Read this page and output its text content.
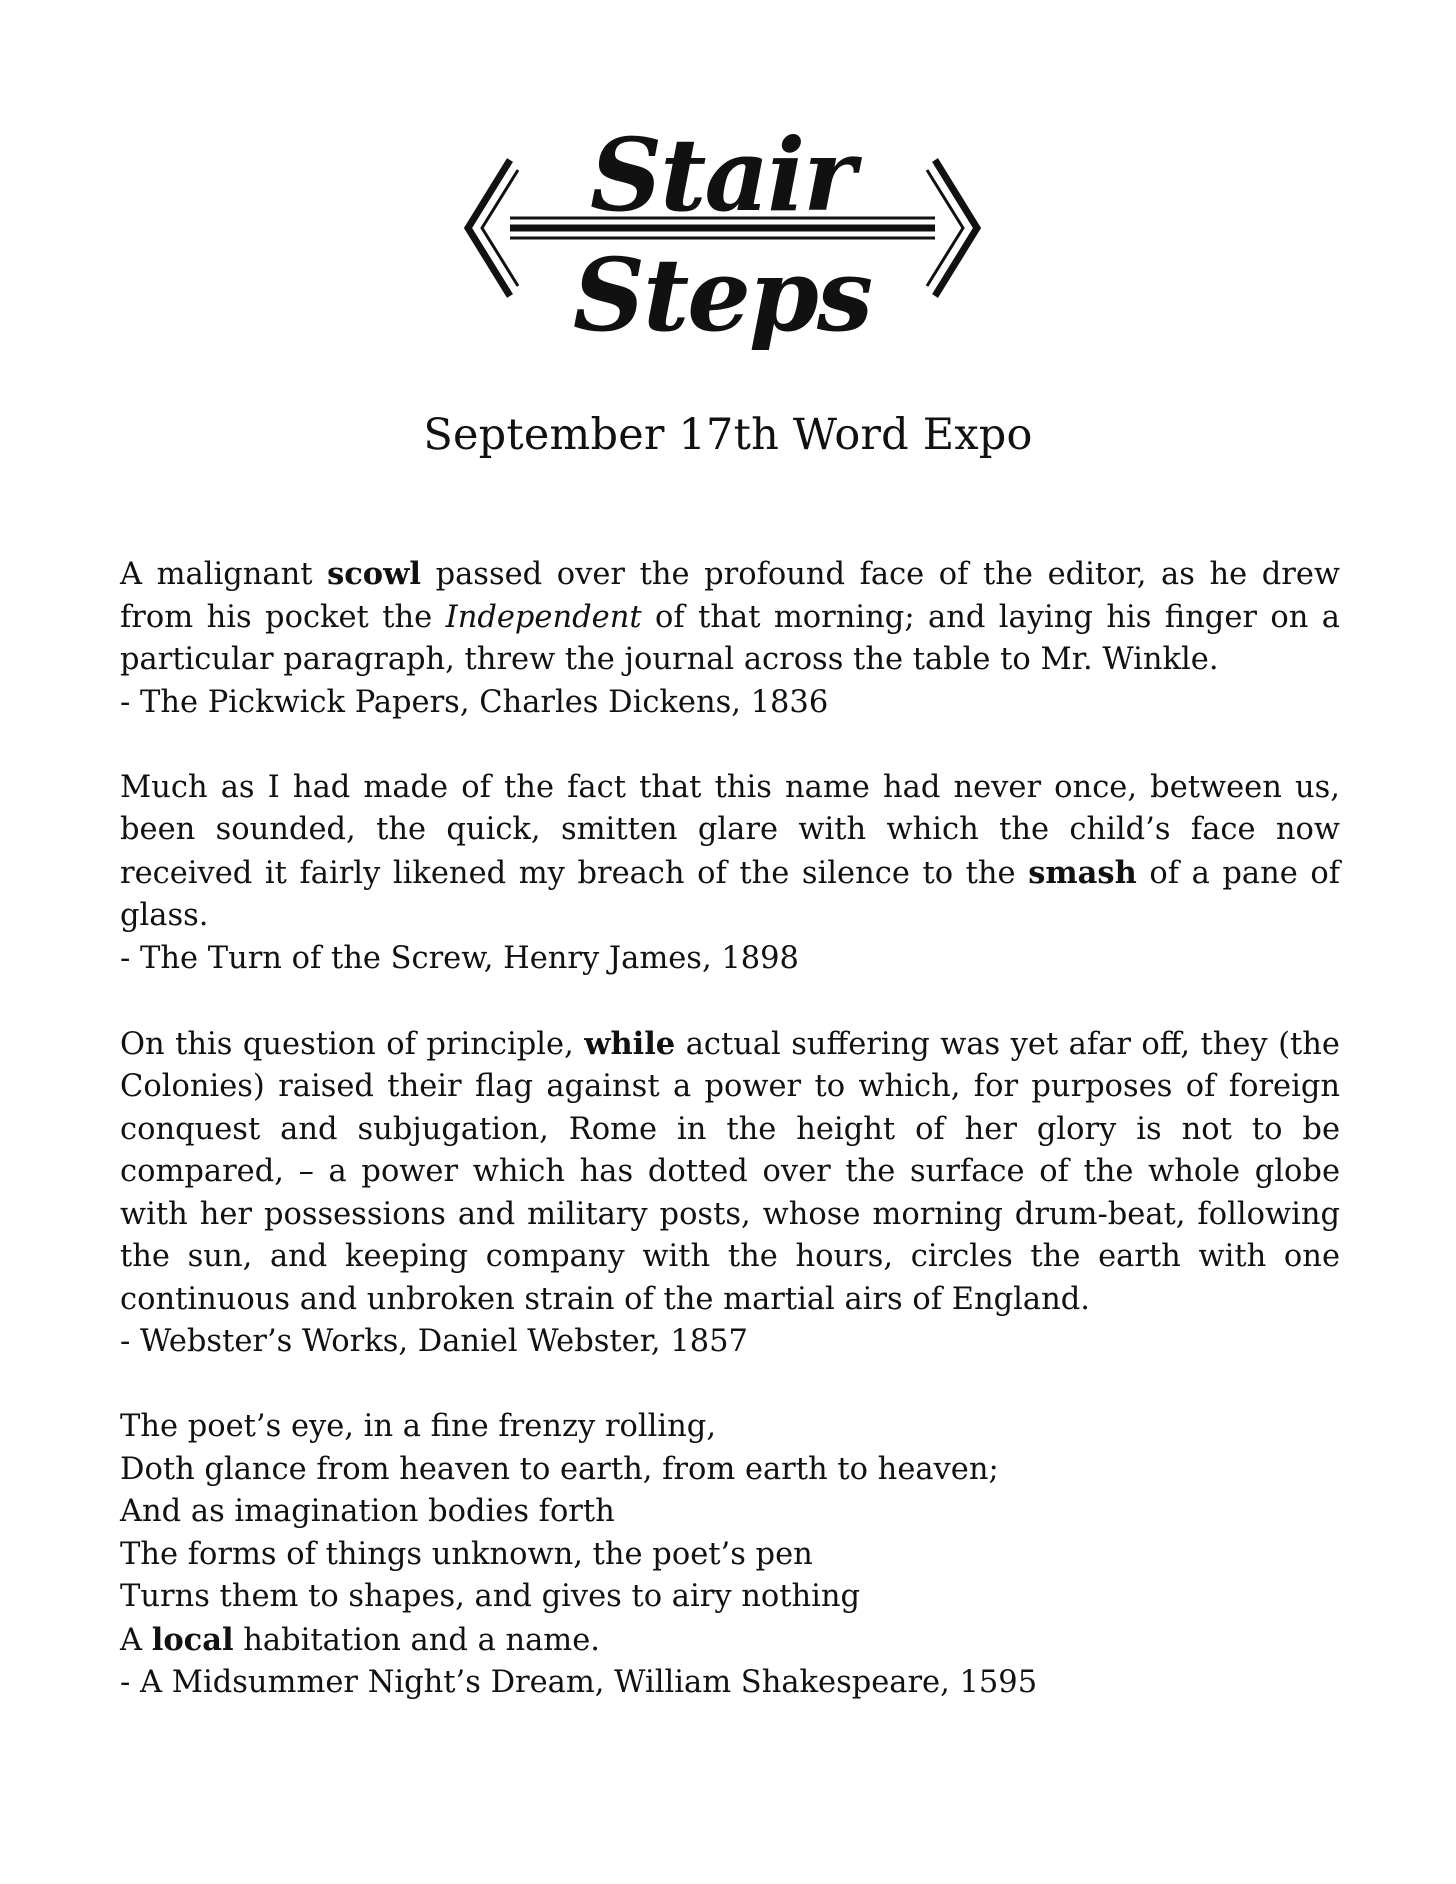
Stair
Steps
September 17th Word Expo

A malignant scowl passed over the profound face of the editor, as he drew from his pocket the Independent of that morning; and laying his finger on a particular paragraph, threw the journal across the table to Mr. Winkle.

- The Pickwick Papers, Charles Dickens, 1836

Much as I had made of the fact that this name had never once, between us, been sounded, the quick, smitten glare with which the child’s face now received it fairly likened my breach of the silence to the smash of a pane of glass.

- The Turn of the Screw, Henry James, 1898

On this question of principle, while actual suffering was yet afar off, they (the Colonies) raised their flag against a power to which, for purposes of foreign conquest and subjugation, Rome in the height of her glory is not to be compared, – a power which has dotted over the surface of the whole globe with her possessions and military posts, whose morning drum-beat, following the sun, and keeping company with the hours, circles the earth with one continuous and unbroken strain of the martial airs of England.

- Webster’s Works, Daniel Webster, 1857

The poet’s eye, in a fine frenzy rolling,
Doth glance from heaven to earth, from earth to heaven;
And as imagination bodies forth
The forms of things unknown, the poet’s pen
Turns them to shapes, and gives to airy nothing
A local habitation and a name.

- A Midsummer Night’s Dream, William Shakespeare, 1595
